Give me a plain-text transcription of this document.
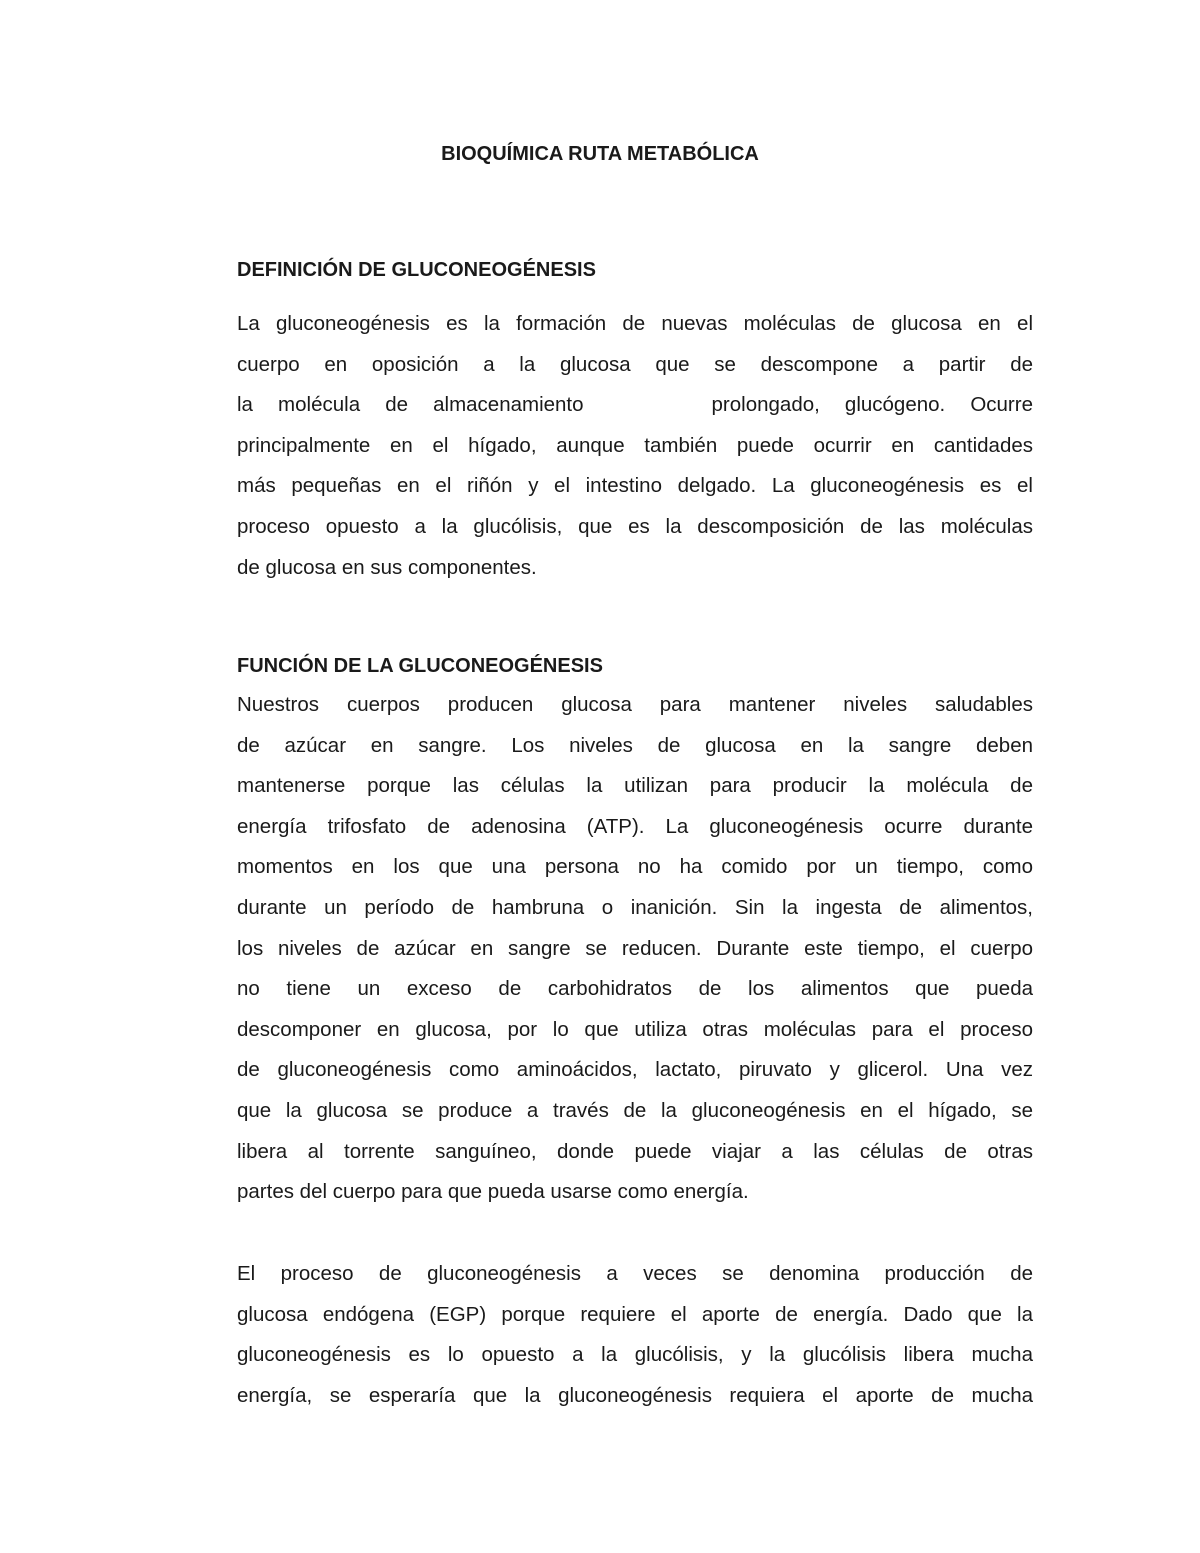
BIOQUÍMICA RUTA METABÓLICA
DEFINICIÓN DE GLUCONEOGÉNESIS
La gluconeogénesis es la formación de nuevas moléculas de glucosa en el
cuerpo en oposición a la glucosa que se descompone a partir de
la molécula de almacenamiento	prolongado, glucógeno. Ocurre
principalmente en el hígado, aunque también puede ocurrir en cantidades
más pequeñas en el riñón y el intestino delgado. La gluconeogénesis es el
proceso opuesto a la glucólisis, que es la descomposición de las moléculas
de glucosa en sus componentes.
FUNCIÓN DE LA GLUCONEOGÉNESIS
Nuestros cuerpos producen glucosa para mantener niveles saludables
de azúcar en sangre. Los niveles de glucosa en la sangre deben
mantenerse porque las células la utilizan para producir la molécula de
energía trifosfato de adenosina (ATP). La gluconeogénesis ocurre durante
momentos en los que una persona no ha comido por un tiempo, como
durante un período de hambruna o inanición. Sin la ingesta de alimentos,
los niveles de azúcar en sangre se reducen. Durante este tiempo, el cuerpo
no tiene un exceso de carbohidratos de los alimentos que pueda
descomponer en glucosa, por lo que utiliza otras moléculas para el proceso
de gluconeogénesis como aminoácidos, lactato, piruvato y glicerol. Una vez
que la glucosa se produce a través de la gluconeogénesis en el hígado, se
libera al torrente sanguíneo, donde puede viajar a las células de otras
partes del cuerpo para que pueda usarse como energía.
El proceso de gluconeogénesis a veces se denomina producción de
glucosa endógena (EGP) porque requiere el aporte de energía. Dado que la
gluconeogénesis es lo opuesto a la glucólisis, y la glucólisis libera mucha
energía, se esperaría que la gluconeogénesis requiera el aporte de mucha
